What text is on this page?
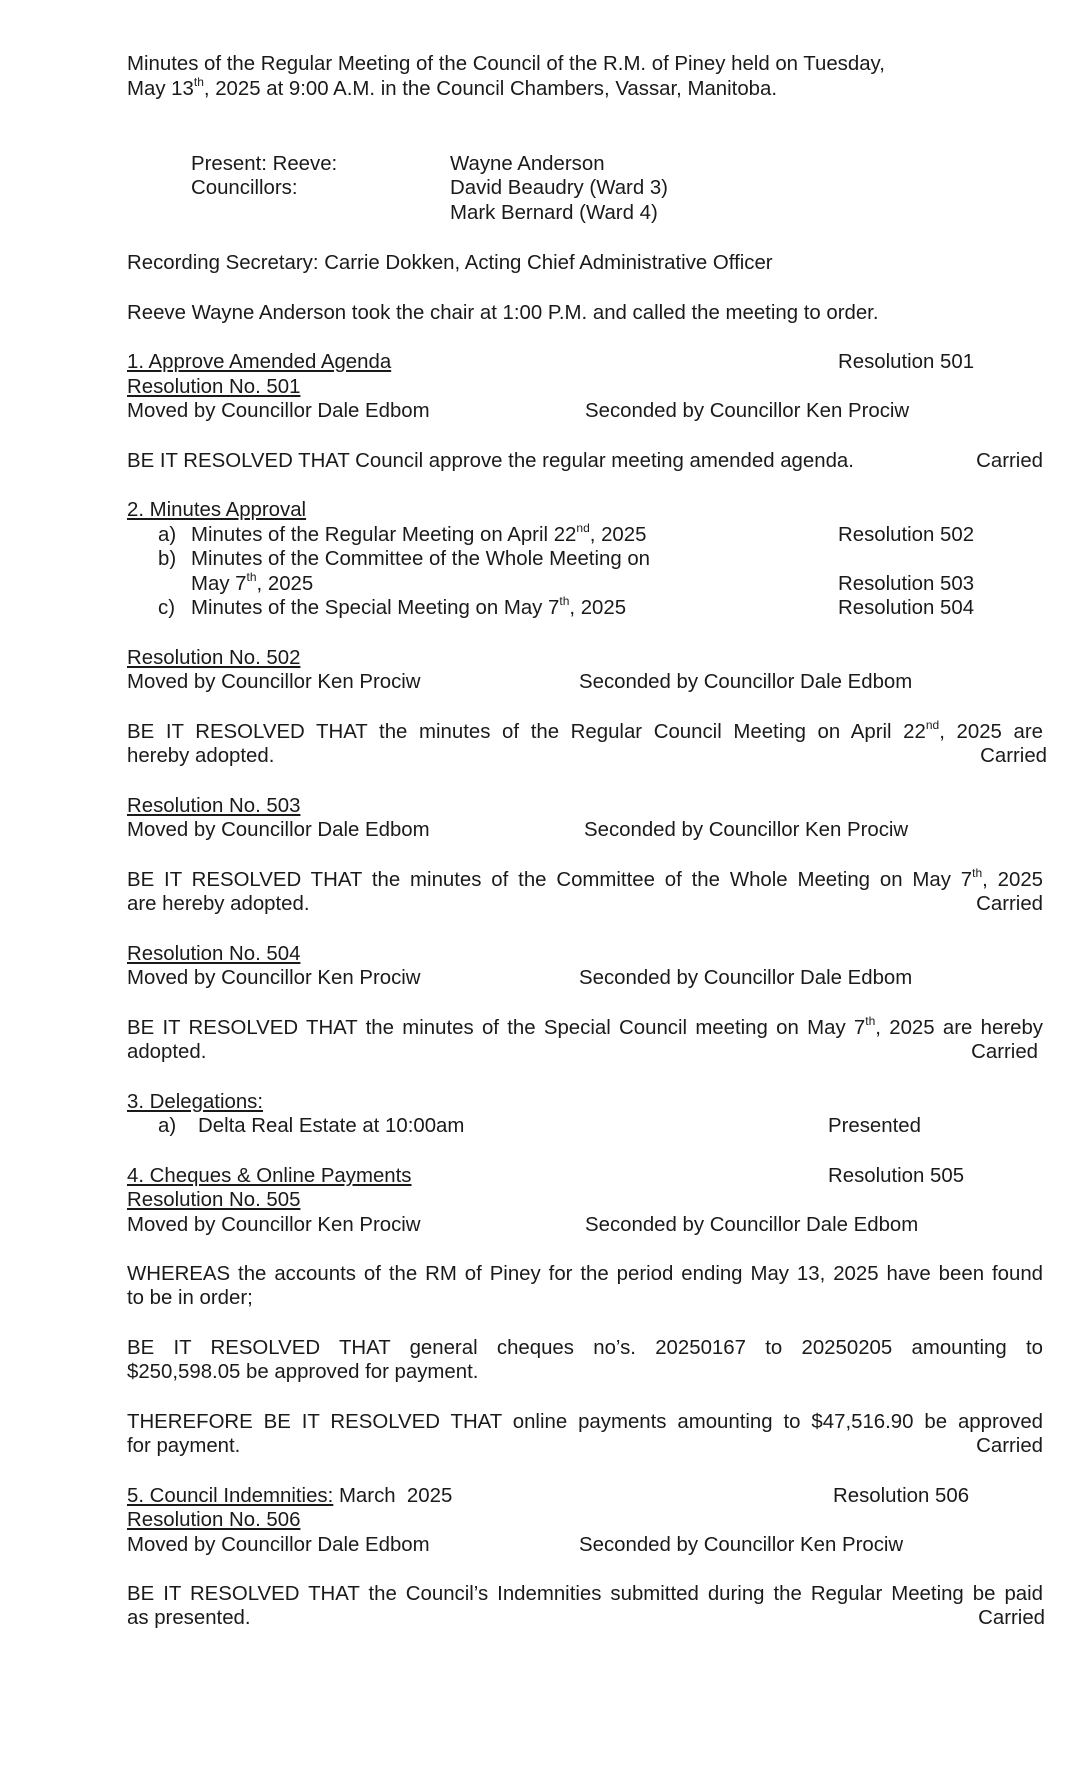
Minutes of the Regular Meeting of the Council of the R.M. of Piney held on Tuesday,
May 13th, 2025 at 9:00 A.M. in the Council Chambers, Vassar, Manitoba.
Present: Reeve:	Wayne Anderson
Councillors:	David Beaudry (Ward 3)
Mark Bernard (Ward 4)
Recording Secretary: Carrie Dokken, Acting Chief Administrative Officer
Reeve Wayne Anderson took the chair at 1:00 P.M. and called the meeting to order.
1. Approve Amended Agenda	Resolution 501
Resolution No. 501
Moved by Councillor Dale Edbom	Seconded by Councillor Ken Prociw
BE IT RESOLVED THAT Council approve the regular meeting amended agenda.	Carried
2. Minutes Approval
a) Minutes of the Regular Meeting on April 22nd, 2025	Resolution 502
b) Minutes of the Committee of the Whole Meeting on
May 7th, 2025	Resolution 503
c) Minutes of the Special Meeting on May 7th, 2025	Resolution 504
Resolution No. 502
Moved by Councillor Ken Prociw	Seconded by Councillor Dale Edbom
BE IT RESOLVED THAT the minutes of the Regular Council Meeting on April 22nd, 2025 are
hereby adopted.	Carried
Resolution No. 503
Moved by Councillor Dale Edbom	Seconded by Councillor Ken Prociw
BE IT RESOLVED THAT the minutes of the Committee of the Whole Meeting on May 7th, 2025
are hereby adopted.	Carried
Resolution No. 504
Moved by Councillor Ken Prociw	Seconded by Councillor Dale Edbom
BE IT RESOLVED THAT the minutes of the Special Council meeting on May 7th, 2025 are hereby
adopted.	Carried
3. Delegations:
a) Delta Real Estate at 10:00am	Presented
4. Cheques & Online Payments	Resolution 505
Resolution No. 505
Moved by Councillor Ken Prociw	Seconded by Councillor Dale Edbom
WHEREAS the accounts of the RM of Piney for the period ending May 13, 2025 have been found
to be in order;
BE IT RESOLVED THAT general cheques no’s. 20250167 to 20250205 amounting to
$250,598.05 be approved for payment.
THEREFORE BE IT RESOLVED THAT online payments amounting to $47,516.90 be approved
for payment.	Carried
5. Council Indemnities: March  2025	Resolution 506
Resolution No. 506
Moved by Councillor Dale Edbom	Seconded by Councillor Ken Prociw
BE IT RESOLVED THAT the Council’s Indemnities submitted during the Regular Meeting be paid
as presented.	Carried
